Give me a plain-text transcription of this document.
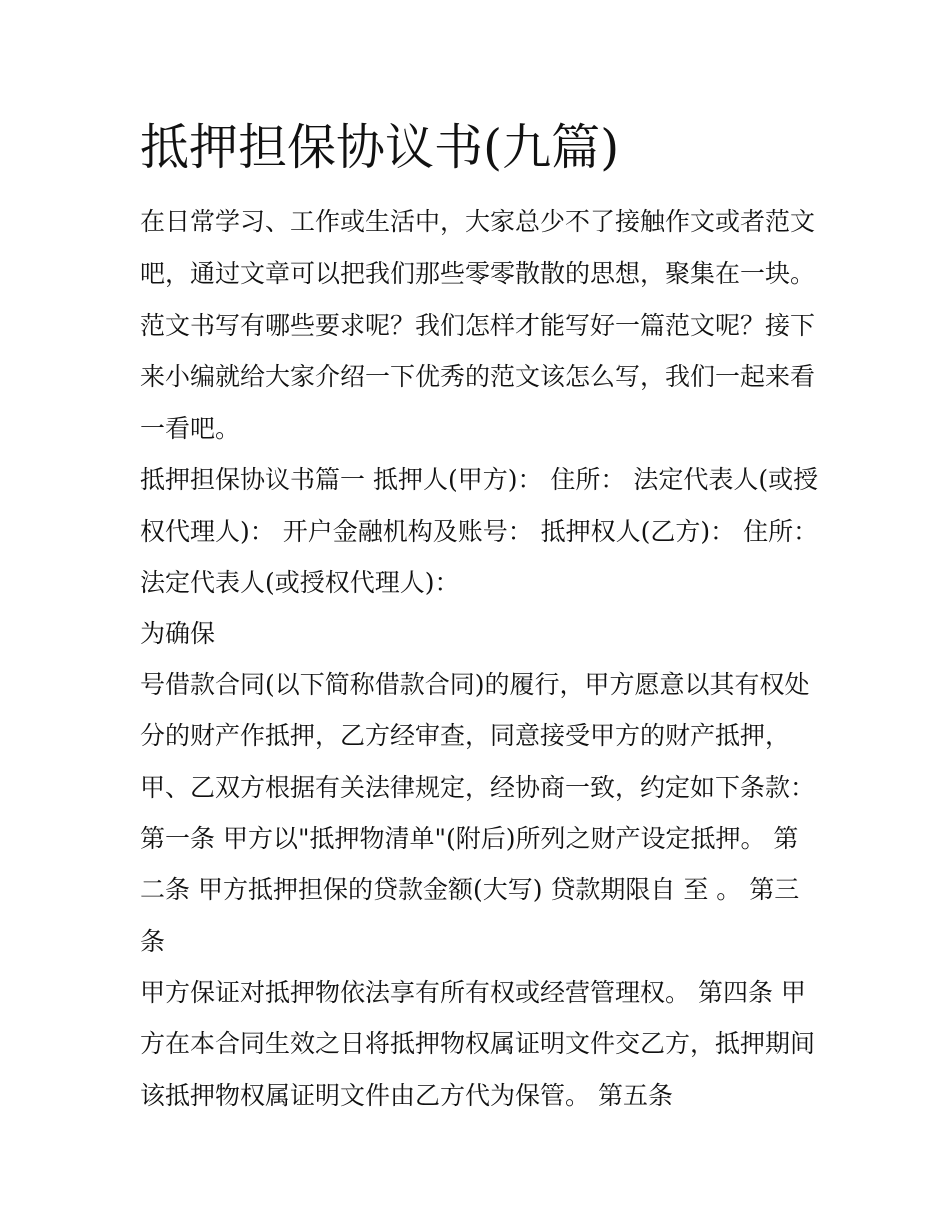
抵押担保协议书(九篇)

在日常学习、工作或生活中，大家总少不了接触作文或者范文

吧，通过文章可以把我们那些零零散散的思想，聚集在一块。

范文书写有哪些要求呢？我们怎样才能写好一篇范文呢？接下

来小编就给大家介绍一下优秀的范文该怎么写，我们一起来看

一看吧。

抵押担保协议书篇一 抵押人(甲方)： 住所： 法定代表人(或授

权代理人)： 开户金融机构及账号： 抵押权人(乙方)： 住所：

法定代表人(或授权代理人)：

为确保

号借款合同(以下简称借款合同)的履行，甲方愿意以其有权处

分的财产作抵押，乙方经审查，同意接受甲方的财产抵押，

甲、乙双方根据有关法律规定，经协商一致，约定如下条款：

第一条 甲方以"抵押物清单"(附后)所列之财产设定抵押。 第

二条 甲方抵押担保的贷款金额(大写) 贷款期限自 至 。 第三

条

甲方保证对抵押物依法享有所有权或经营管理权。 第四条 甲

方在本合同生效之日将抵押物权属证明文件交乙方，抵押期间

该抵押物权属证明文件由乙方代为保管。 第五条
